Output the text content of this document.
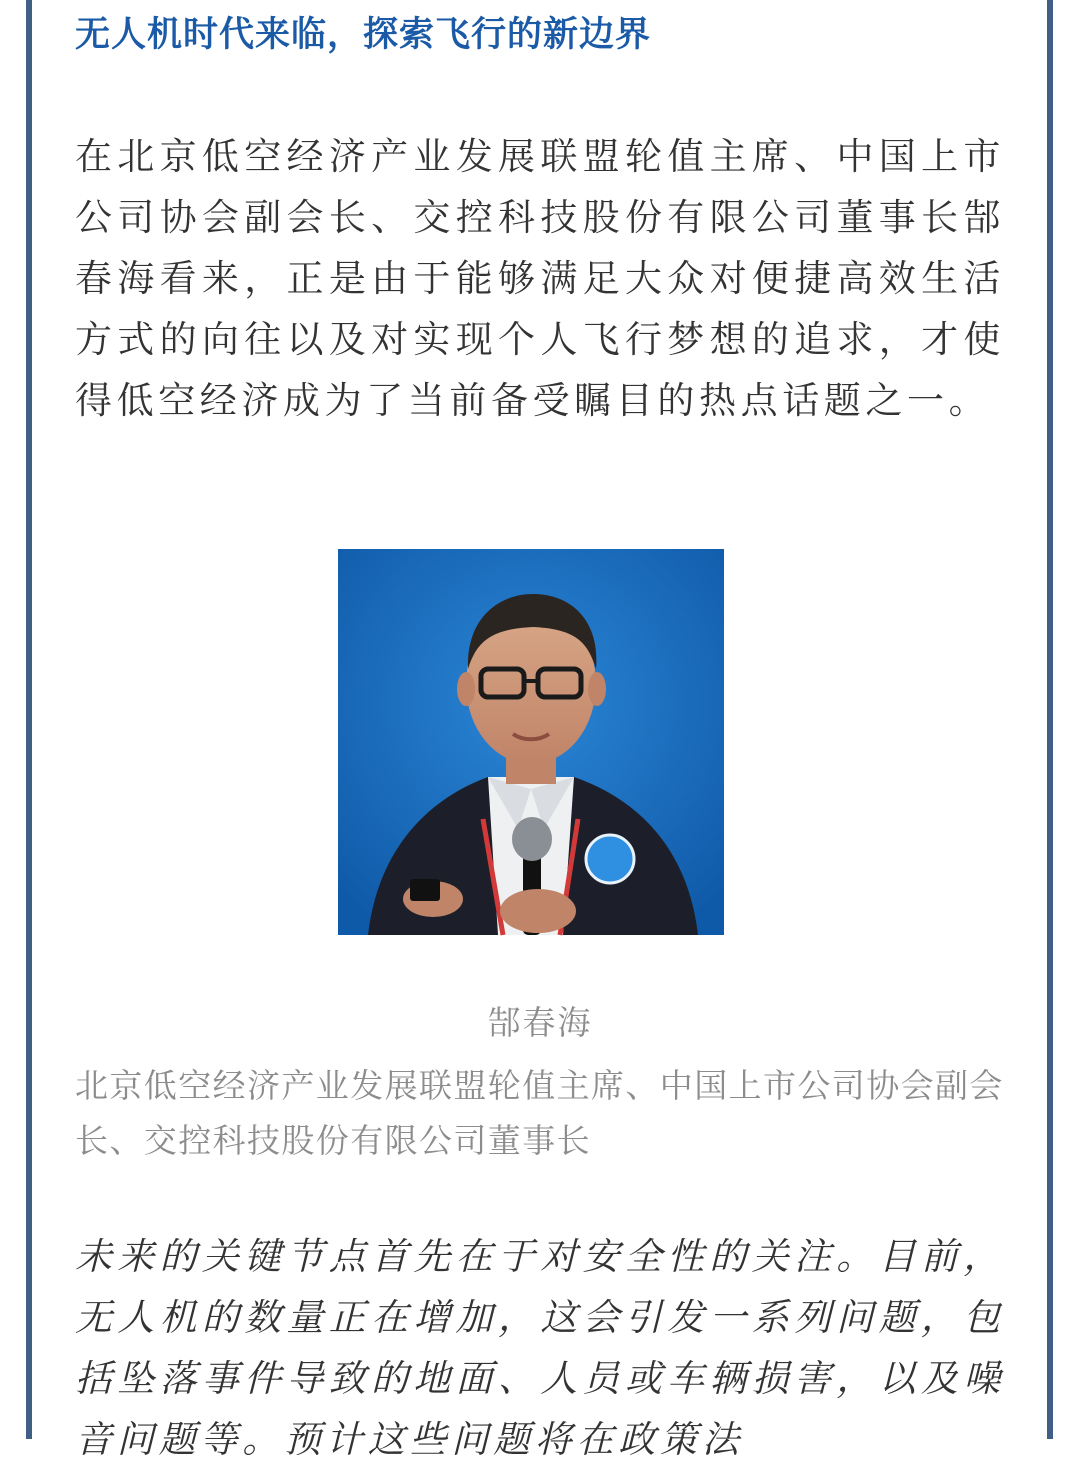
无人机时代来临，探索飞行的新边界

在北京低空经济产业发展联盟轮值主席、中国上市公司协会副会长、交控科技股份有限公司董事长郜春海看来，正是由于能够满足大众对便捷高效生活方式的向往以及对实现个人飞行梦想的追求，才使得低空经济成为了当前备受瞩目的热点话题之一。

郜春海

北京低空经济产业发展联盟轮值主席、中国上市公司协会副会长、交控科技股份有限公司董事长

未来的关键节点首先在于对安全性的关注。目前，无人机的数量正在增加，这会引发一系列问题，包括坠落事件导致的地面、人员或车辆损害，以及噪音问题等。预计这些问题将在政策法
